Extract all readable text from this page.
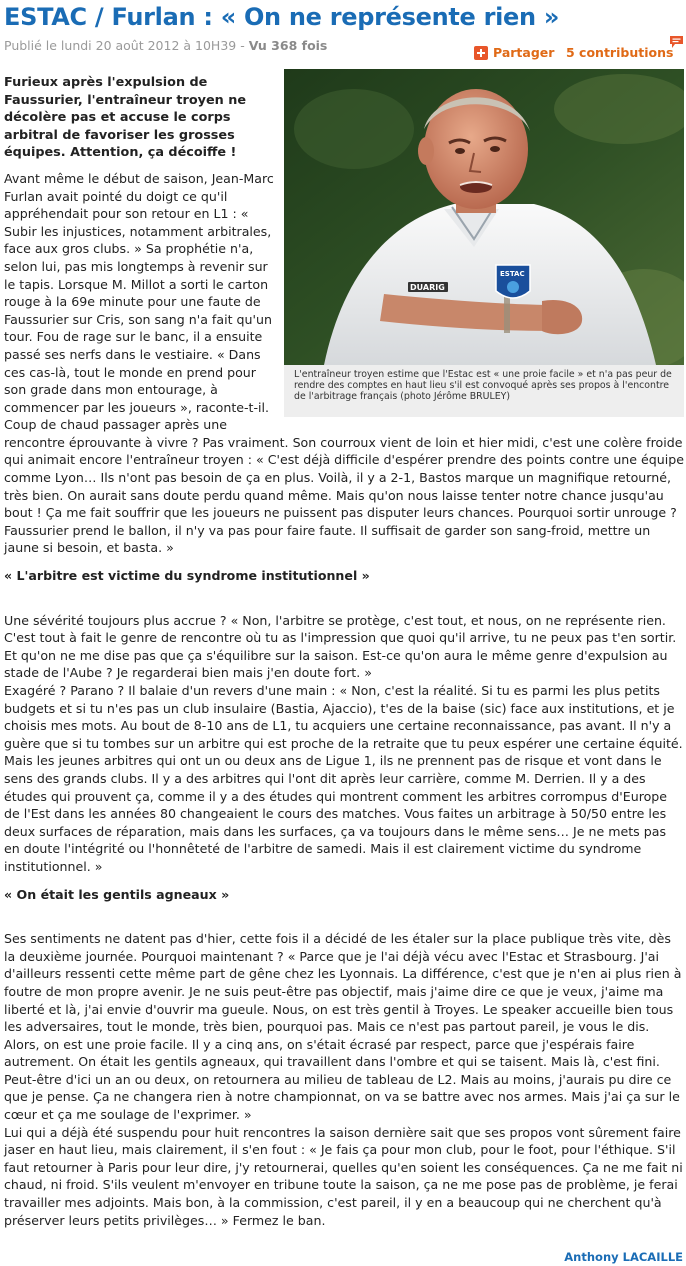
ESTAC / Furlan : « On ne représente rien »
Publié le lundi 20 août 2012 à 10H39 - Vu 368 fois	Partager 5 contributions
DUARIG
ESTAC
L'entraîneur troyen estime que l'Estac est « une proie facile » et n'a pas peur de rendre des comptes en haut lieu s'il est convoqué après ses propos à l'encontre de l'arbitrage français (photo Jérôme BRULEY)

Furieux après l'expulsion de Faussurier, l'entraîneur troyen ne décolère pas et accuse le corps arbitral de favoriser les grosses équipes. Attention, ça décoiffe !

Avant même le début de saison, Jean-Marc Furlan avait pointé du doigt ce qu'il appréhendait pour son retour en L1 : « Subir les injustices, notamment arbitrales, face aux gros clubs. » Sa prophétie n'a, selon lui, pas mis longtemps à revenir sur le tapis. Lorsque M. Millot a sorti le carton rouge à la 69e minute pour une faute de Faussurier sur Cris, son sang n'a fait qu'un tour. Fou de rage sur le banc, il a ensuite passé ses nerfs dans le vestiaire. « Dans ces cas-là, tout le monde en prend pour son grade dans mon entourage, à commencer par les joueurs », raconte-t-il. Coup de chaud passager après une rencontre éprouvante à vivre ? Pas vraiment. Son courroux vient de loin et hier midi, c'est une colère froide qui animait encore l'entraîneur troyen : « C'est déjà difficile d'espérer prendre des points contre une équipe comme Lyon… Ils n'ont pas besoin de ça en plus. Voilà, il y a 2-1, Bastos marque un magnifique retourné, très bien. On aurait sans doute perdu quand même. Mais qu'on nous laisse tenter notre chance jusqu'au bout ! Ça me fait souffrir que les joueurs ne puissent pas disputer leurs chances. Pourquoi sortir unrouge ? Faussurier prend le ballon, il n'y va pas pour faire faute. Il suffisait de garder son sang-froid, mettre un jaune si besoin, et basta. »

« L'arbitre est victime du syndrome institutionnel »

Une sévérité toujours plus accrue ? « Non, l'arbitre se protège, c'est tout, et nous, on ne représente rien. C'est tout à fait le genre de rencontre où tu as l'impression que quoi qu'il arrive, tu ne peux pas t'en sortir. Et qu'on ne me dise pas que ça s'équilibre sur la saison. Est-ce qu'on aura le même genre d'expulsion au stade de l'Aube ? Je regarderai bien mais j'en doute fort. »

Exagéré ? Parano ? Il balaie d'un revers d'une main : « Non, c'est la réalité. Si tu es parmi les plus petits budgets et si tu n'es pas un club insulaire (Bastia, Ajaccio), t'es de la baise (sic) face aux institutions, et je choisis mes mots. Au bout de 8-10 ans de L1, tu acquiers une certaine reconnaissance, pas avant. Il n'y a guère que si tu tombes sur un arbitre qui est proche de la retraite que tu peux espérer une certaine équité. Mais les jeunes arbitres qui ont un ou deux ans de Ligue 1, ils ne prennent pas de risque et vont dans le sens des grands clubs. Il y a des arbitres qui l'ont dit après leur carrière, comme M. Derrien. Il y a des études qui prouvent ça, comme il y a des études qui montrent comment les arbitres corrompus d'Europe de l'Est dans les années 80 changeaient le cours des matches. Vous faites un arbitrage à 50/50 entre les deux surfaces de réparation, mais dans les surfaces, ça va toujours dans le même sens… Je ne mets pas en doute l'intégrité ou l'honnêteté de l'arbitre de samedi. Mais il est clairement victime du syndrome institutionnel. »

« On était les gentils agneaux »

Ses sentiments ne datent pas d'hier, cette fois il a décidé de les étaler sur la place publique très vite, dès la deuxième journée. Pourquoi maintenant ? « Parce que je l'ai déjà vécu avec l'Estac et Strasbourg. J'ai d'ailleurs ressenti cette même part de gêne chez les Lyonnais. La différence, c'est que je n'en ai plus rien à foutre de mon propre avenir. Je ne suis peut-être pas objectif, mais j'aime dire ce que je veux, j'aime ma liberté et là, j'ai envie d'ouvrir ma gueule. Nous, on est très gentil à Troyes. Le speaker accueille bien tous les adversaires, tout le monde, très bien, pourquoi pas. Mais ce n'est pas partout pareil, je vous le dis. Alors, on est une proie facile. Il y a cinq ans, on s'était écrasé par respect, parce que j'espérais faire autrement. On était les gentils agneaux, qui travaillent dans l'ombre et qui se taisent. Mais là, c'est fini. Peut-être d'ici un an ou deux, on retournera au milieu de tableau de L2. Mais au moins, j'aurais pu dire ce que je pense. Ça ne changera rien à notre championnat, on va se battre avec nos armes. Mais j'ai ça sur le cœur et ça me soulage de l'exprimer. »

Lui qui a déjà été suspendu pour huit rencontres la saison dernière sait que ses propos vont sûrement faire jaser en haut lieu, mais clairement, il s'en fout : « Je fais ça pour mon club, pour le foot, pour l'éthique. S'il faut retourner à Paris pour leur dire, j'y retournerai, quelles qu'en soient les conséquences. Ça ne me fait ni chaud, ni froid. S'ils veulent m'envoyer en tribune toute la saison, ça ne me pose pas de problème, je ferai travailler mes adjoints. Mais bon, à la commission, c'est pareil, il y en a beaucoup qui ne cherchent qu'à préserver leurs petits privilèges… » Fermez le ban.

Anthony LACAILLE
